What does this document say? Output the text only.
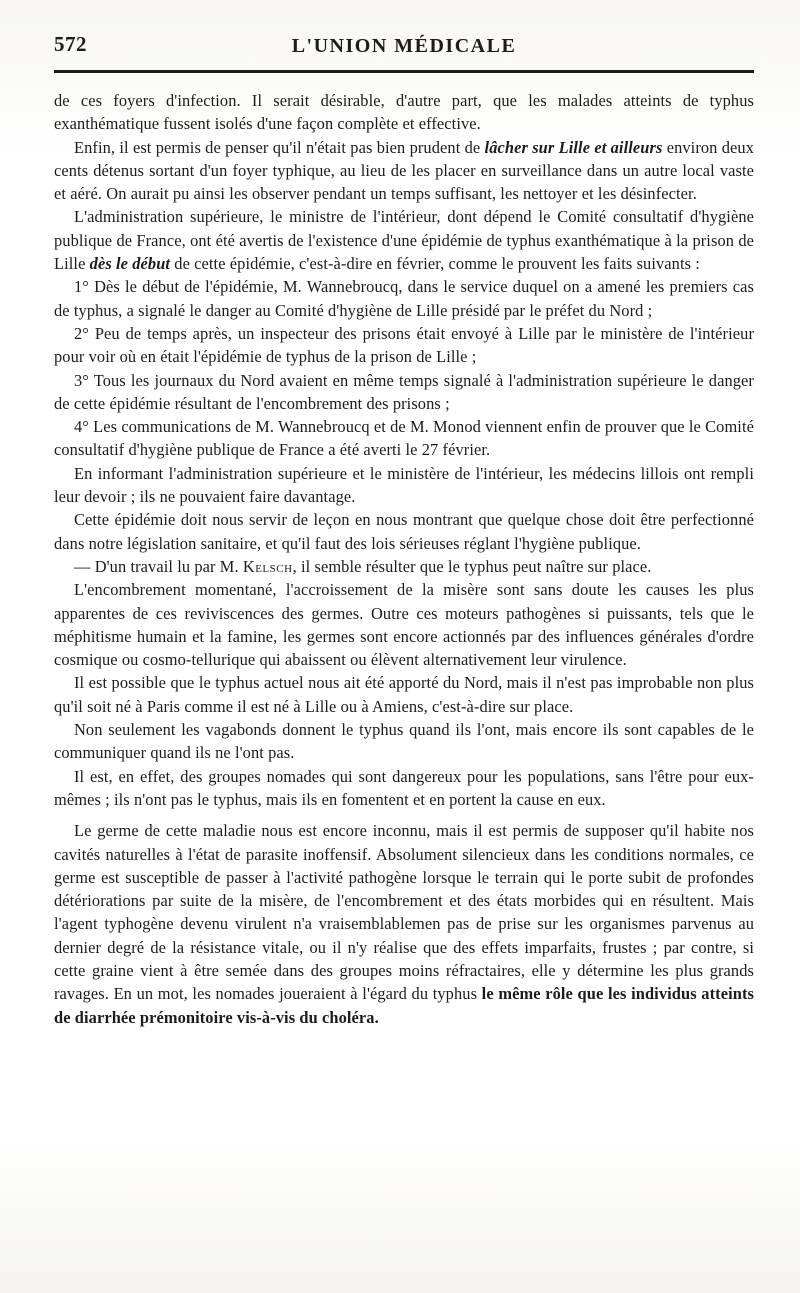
572	L'UNION MÉDICALE

de ces foyers d'infection. Il serait désirable, d'autre part, que les malades atteints de typhus exanthématique fussent isolés d'une façon complète et effective.

Enfin, il est permis de penser qu'il n'était pas bien prudent de lâcher sur Lille et ailleurs environ deux cents détenus sortant d'un foyer typhique, au lieu de les placer en surveillance dans un autre local vaste et aéré. On aurait pu ainsi les observer pendant un temps suffisant, les nettoyer et les désinfecter.

L'administration supérieure, le ministre de l'intérieur, dont dépend le Comité consultatif d'hygiène publique de France, ont été avertis de l'existence d'une épidémie de typhus exanthématique à la prison de Lille dès le début de cette épidémie, c'est-à-dire en février, comme le prouvent les faits suivants :

1° Dès le début de l'épidémie, M. Wannebroucq, dans le service duquel on a amené les premiers cas de typhus, a signalé le danger au Comité d'hygiène de Lille présidé par le préfet du Nord ;

2° Peu de temps après, un inspecteur des prisons était envoyé à Lille par le ministère de l'intérieur pour voir où en était l'épidémie de typhus de la prison de Lille ;

3° Tous les journaux du Nord avaient en même temps signalé à l'administration supérieure le danger de cette épidémie résultant de l'encombrement des prisons ;

4° Les communications de M. Wannebroucq et de M. Monod viennent enfin de prouver que le Comité consultatif d'hygiène publique de France a été averti le 27 février.

En informant l'administration supérieure et le ministère de l'intérieur, les médecins lillois ont rempli leur devoir ; ils ne pouvaient faire davantage.

Cette épidémie doit nous servir de leçon en nous montrant que quelque chose doit être perfectionné dans notre législation sanitaire, et qu'il faut des lois sérieuses réglant l'hygiène publique.

— D'un travail lu par M. Kelsch, il semble résulter que le typhus peut naître sur place.

L'encombrement momentané, l'accroissement de la misère sont sans doute les causes les plus apparentes de ces reviviscences des germes. Outre ces moteurs pathogènes si puissants, tels que le méphitisme humain et la famine, les germes sont encore actionnés par des influences générales d'ordre cosmique ou cosmo-tellurique qui abaissent ou élèvent alternativement leur virulence.

Il est possible que le typhus actuel nous ait été apporté du Nord, mais il n'est pas improbable non plus qu'il soit né à Paris comme il est né à Lille ou à Amiens, c'est-à-dire sur place.

Non seulement les vagabonds donnent le typhus quand ils l'ont, mais encore ils sont capables de le communiquer quand ils ne l'ont pas.

Il est, en effet, des groupes nomades qui sont dangereux pour les populations, sans l'être pour eux-mêmes ; ils n'ont pas le typhus, mais ils en fomentent et en portent la cause en eux.

Le germe de cette maladie nous est encore inconnu, mais il est permis de supposer qu'il habite nos cavités naturelles à l'état de parasite inoffensif. Absolument silencieux dans les conditions normales, ce germe est susceptible de passer à l'activité pathogène lorsque le terrain qui le porte subit de profondes détériorations par suite de la misère, de l'encombrement et des états morbides qui en résultent. Mais l'agent typhogène devenu virulent n'a vraisemblablemen pas de prise sur les organismes parvenus au dernier degré de la résistance vitale, ou il n'y réalise que des effets imparfaits, frustes ; par contre, si cette graine vient à être semée dans des groupes moins réfractaires, elle y détermine les plus grands ravages. En un mot, les nomades joueraient à l'égard du typhus le même rôle que les individus atteints de diarrhée prémonitoire vis-à-vis du choléra.
